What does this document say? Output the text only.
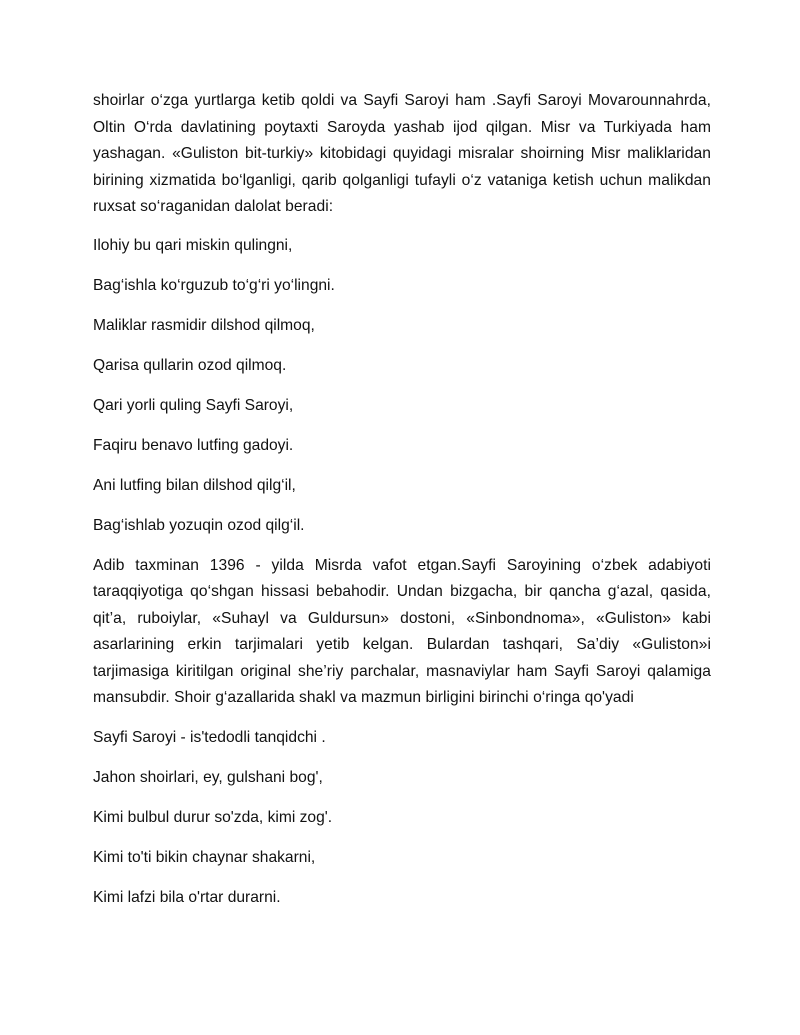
shoirlar o‘zga yurtlarga ketib qoldi va Sayfi Saroyi ham .Sayfi Saroyi Movarounnahrda, Oltin O‘rda davlatining poytaxti Saroyda yashab ijod qilgan. Misr va Turkiyada ham yashagan. «Guliston bit-turkiy» kitobidagi quyidagi misralar shoirning Misr maliklaridan birining xizmatida bo‘lganligi, qarib qolganligi tufayli o‘z vataniga ketish uchun malikdan ruxsat so‘raganidan dalolat beradi:

Ilohiy bu qari miskin qulingni,
Bag‘ishla ko‘rguzub to‘g‘ri yo‘lingni.
Maliklar rasmidir dilshod qilmoq,
Qarisa qullarin ozod qilmoq.
Qari yorli quling Sayfi Saroyi,
Faqiru benavo lutfing gadoyi.
Ani lutfing bilan dilshod qilg‘il,
Bag‘ishlab yozuqin ozod qilg‘il.

Adib taxminan 1396 - yilda Misrda vafot etgan.Sayfi Saroyining o‘zbek adabiyoti taraqqiyotiga qo‘shgan hissasi bebahodir. Undan bizgacha, bir qancha g‘azal, qasida, qit’a, ruboiylar, «Suhayl va Guldursun» dostoni, «Sinbondnoma», «Guliston» kabi asarlarining erkin tarjimalari yetib kelgan. Bulardan tashqari, Sa’diy «Guliston»i tarjimasiga kiritilgan original she’riy parchalar, masnaviylar ham Sayfi Saroyi qalamiga mansubdir. Shoir g‘azallarida shakl va mazmun birligini birinchi o‘ringa qo'yadi

Sayfi Saroyi - is'tedodli tanqidchi .
Jahon shoirlari, ey, gulshani bog',
Kimi bulbul durur so'zda, kimi zog'.
Kimi to'ti bikin chaynar shakarni,
Kimi lafzi bila o'rtar durarni.
